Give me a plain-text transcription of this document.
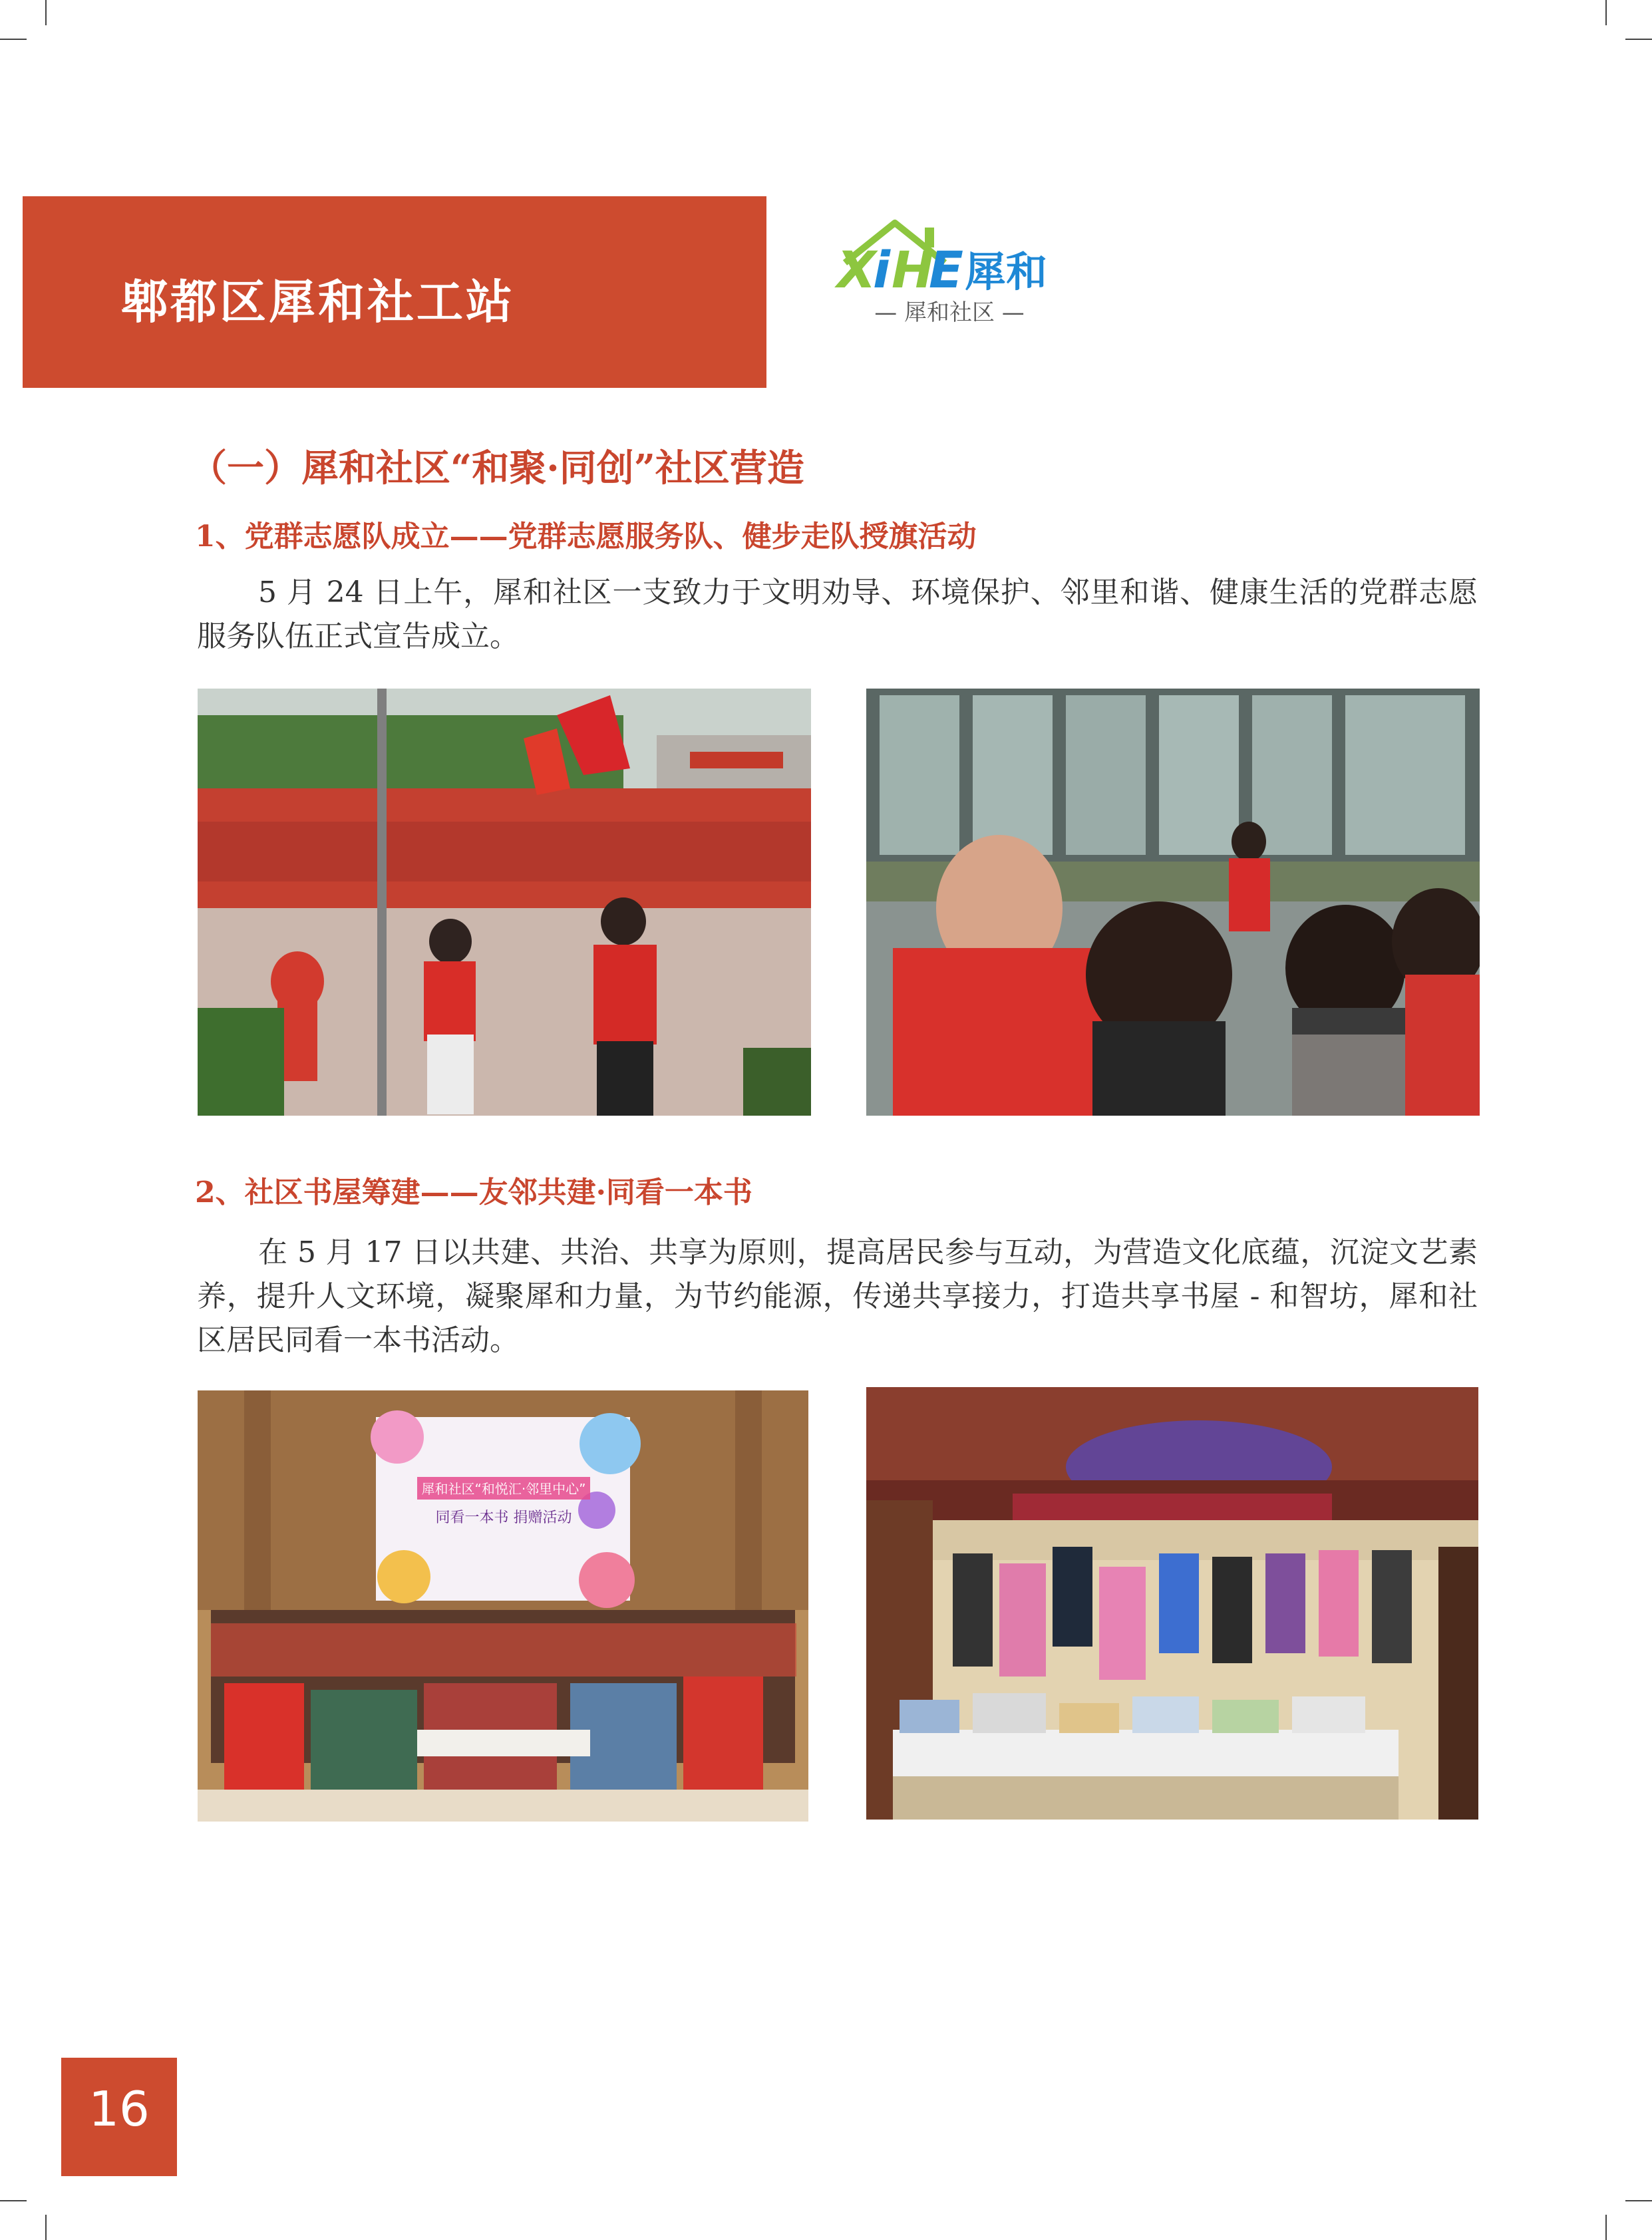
郫都区犀和社工站
X
i H
E 犀和
— 犀和社区 —
（一）犀和社区“和聚·同创”社区营造
1、党群志愿队成立——党群志愿服务队、健步走队授旗活动
5 月 24 日上午，犀和社区一支致力于文明劝导、环境保护、邻里和谐、健康生活的党群志愿服务队伍正式宣告成立。
2、社区书屋筹建——友邻共建·同看一本书
在 5 月 17 日以共建、共治、共享为原则，提高居民参与互动，为营造文化底蕴，沉淀文艺素养，提升人文环境，凝聚犀和力量，为节约能源，传递共享接力，打造共享书屋 - 和智坊，犀和社区居民同看一本书活动。
犀和社区“和悦汇·邻里中心”
同看一本书 捐赠活动
16
